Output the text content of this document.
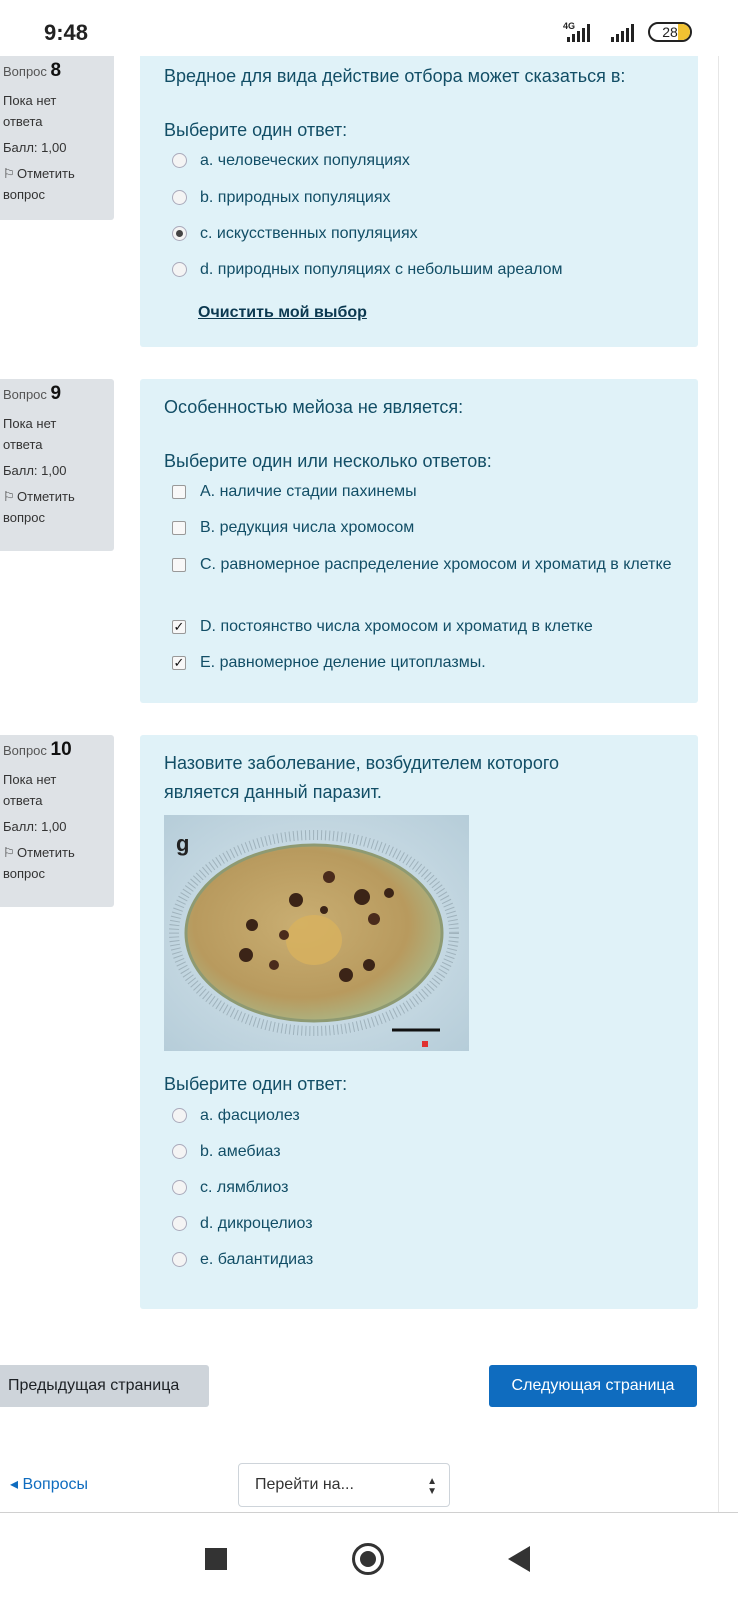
9:48	4G	28
Вопрос 8
Пока нет ответа
Балл: 1,00
⚐ Отметить вопрос
Вредное для вида действие отбора может сказаться в:
Выберите один ответ:
a. человеческих популяциях
b. природных популяциях
c. искусственных популяциях
d. природных популяциях с небольшим ареалом
Очистить мой выбор
Вопрос 9
Пока нет ответа
Балл: 1,00
⚐ Отметить вопрос
Особенностью мейоза не является:
Выберите один или несколько ответов:
A. наличие стадии пахинемы
B. редукция числа хромосом
C. равномерное распределение хромосом и хроматид в клетке
✓ D. постоянство числа хромосом и хроматид в клетке
✓ E. равномерное деление цитоплазмы.
Вопрос 10
Пока нет ответа
Балл: 1,00
⚐ Отметить вопрос
Назовите заболевание, возбудителем которого является данный паразит.
g
Выберите один ответ:
a. фасциолез
b. амебиаз
c. лямблиоз
d. дикроцелиоз
e. балантидиаз
Предыдущая страница	Следующая страница
◂ Вопросы	Перейти на...	▲
▼
